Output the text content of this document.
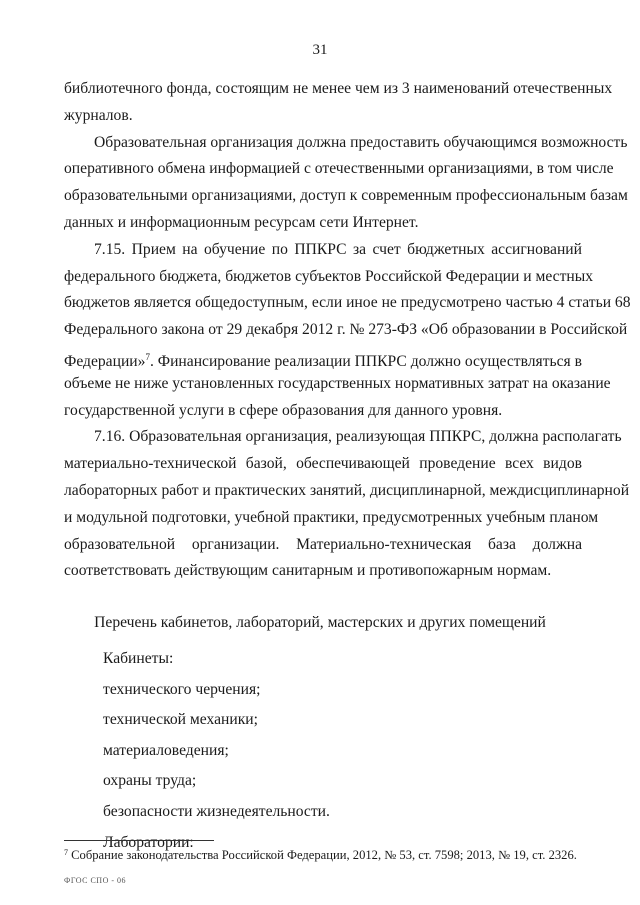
31
библиотечного фонда, состоящим не менее чем из 3 наименований отечественных
журналов.
Образовательная организация должна предоставить обучающимся возможность
оперативного обмена информацией с отечественными организациями, в том числе
образовательными организациями, доступ к современным профессиональным базам
данных и информационным ресурсам сети Интернет.
7.15. Прием на обучение по ППКРС за счет бюджетных ассигнований
федерального бюджета, бюджетов субъектов Российской Федерации и местных
бюджетов является общедоступным, если иное не предусмотрено частью 4 статьи 68
Федерального закона от 29 декабря 2012 г. № 273-ФЗ «Об образовании в Российской
Федерации»$^7$. Финансирование реализации ППКРС должно осуществляться в
объеме не ниже установленных государственных нормативных затрат на оказание
государственной услуги в сфере образования для данного уровня.
7.16. Образовательная организация, реализующая ППКРС, должна располагать
материально-технической базой, обеспечивающей проведение всех видов
лабораторных работ и практических занятий, дисциплинарной, междисциплинарной
и модульной подготовки, учебной практики, предусмотренных учебным планом
образовательной организации. Материально-техническая база должна
соответствовать действующим санитарным и противопожарным нормам.
Перечень кабинетов, лабораторий, мастерских и других помещений
Кабинеты:
технического черчения;
технической механики;
материаловедения;
охраны труда;
безопасности жизнедеятельности.
Лаборатории:
$^7$ Собрание законодательства Российской Федерации, 2012, № 53, ст. 7598; 2013, № 19, ст. 2326.
ФГОС СПО - 06
